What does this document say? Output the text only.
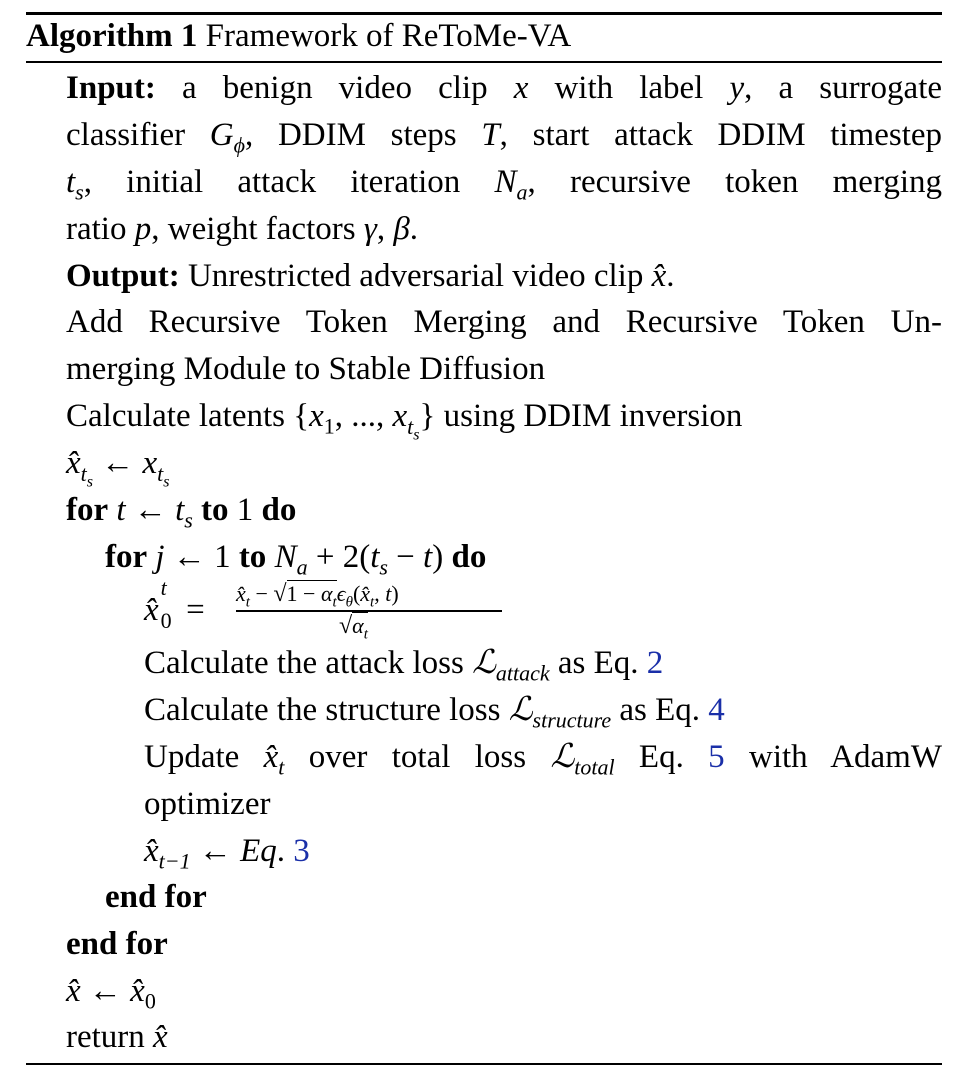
Algorithm 1 Framework of ReToMe-VA
Input: a benign video clip x with label y, a surrogate
classifier $G_\phi$, DDIM steps T, start attack DDIM timestep
$t_s$, initial attack iteration $N_a$, recursive token merging
ratio p, weight factors γ, β.
Output: Unrestricted adversarial video clip x̂.
Add Recursive Token Merging and Recursive Token Un-
merging Module to Stable Diffusion
Calculate latents {$x_1$, ..., $x_{t_s}$} using DDIM inversion
$x̂_{t_s}$ ← $x_{t_s}$
for t ← $t_s$ to 1 do
for j ← 1 to $N_a + 2(t_s - t)$ do
x̂
t
$_0 = x̂_t - √1$ − $\alpha_t\epsilon_\theta(x̂_t$, t)
$√\alpha_t$
Calculate the attack loss ℒ$_{attack}$ as Eq. 2
Calculate the structure loss ℒ$_{structure}$ as Eq. 4
Update $x̂_t$ over total loss ℒ$_{total}$ Eq. 5 with AdamW
optimizer
$x̂_{t-1}$ ← Eq. 3
end for
end for
x̂ ← $x̂_0$
return x̂
